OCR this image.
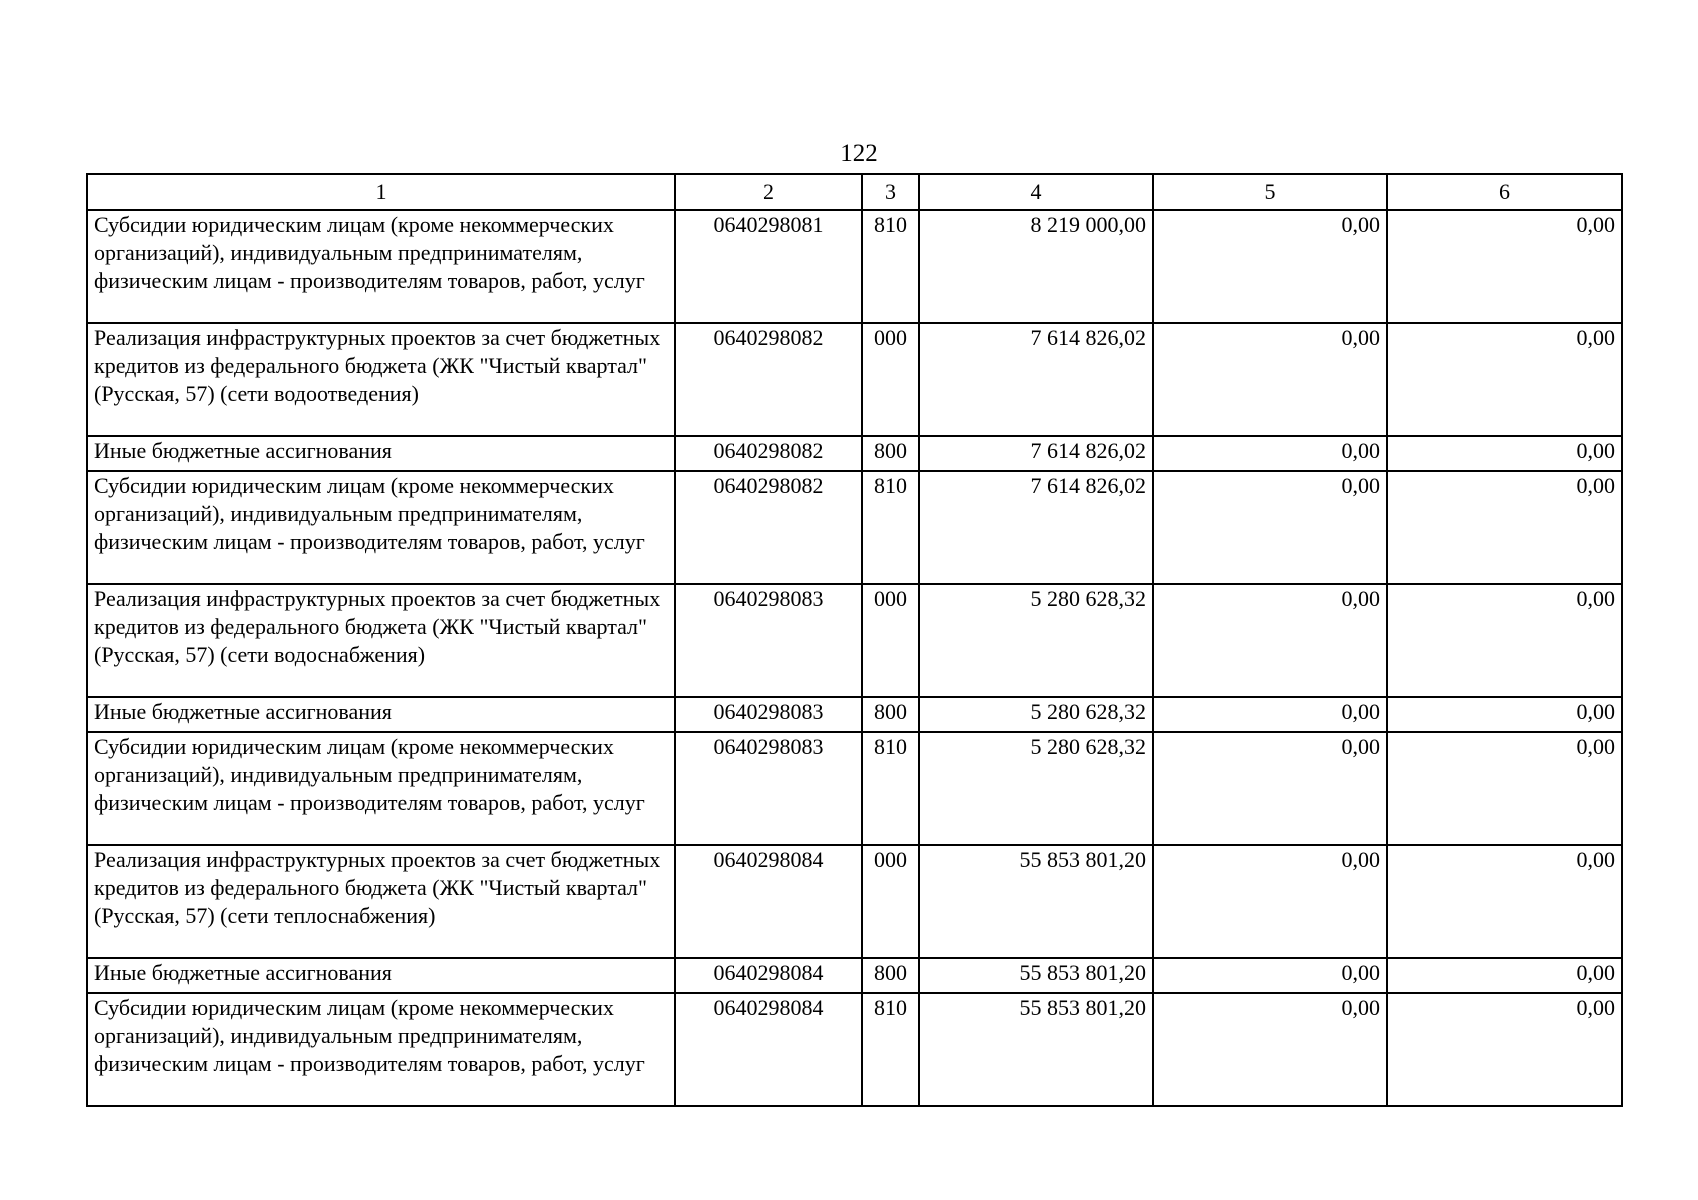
122
1	2	3	4	5	6
Субсидии юридическим лицам (кроме некоммерческих организаций), индивидуальным предпринимателям, физическим лицам - производителям товаров, работ, услуг	0640298081	810	8 219 000,00	0,00	0,00
Реализация инфраструктурных проектов за счет бюджетных кредитов из федерального бюджета (ЖК "Чистый квартал" (Русская, 57) (сети водоотведения)	0640298082	000	7 614 826,02	0,00	0,00
Иные бюджетные ассигнования	0640298082	800	7 614 826,02	0,00	0,00
Субсидии юридическим лицам (кроме некоммерческих организаций), индивидуальным предпринимателям, физическим лицам - производителям товаров, работ, услуг	0640298082	810	7 614 826,02	0,00	0,00
Реализация инфраструктурных проектов за счет бюджетных кредитов из федерального бюджета (ЖК "Чистый квартал" (Русская, 57) (сети водоснабжения)	0640298083	000	5 280 628,32	0,00	0,00
Иные бюджетные ассигнования	0640298083	800	5 280 628,32	0,00	0,00
Субсидии юридическим лицам (кроме некоммерческих организаций), индивидуальным предпринимателям, физическим лицам - производителям товаров, работ, услуг	0640298083	810	5 280 628,32	0,00	0,00
Реализация инфраструктурных проектов за счет бюджетных кредитов из федерального бюджета (ЖК "Чистый квартал" (Русская, 57) (сети теплоснабжения)	0640298084	000	55 853 801,20	0,00	0,00
Иные бюджетные ассигнования	0640298084	800	55 853 801,20	0,00	0,00
Субсидии юридическим лицам (кроме некоммерческих организаций), индивидуальным предпринимателям, физическим лицам - производителям товаров, работ, услуг	0640298084	810	55 853 801,20	0,00	0,00
